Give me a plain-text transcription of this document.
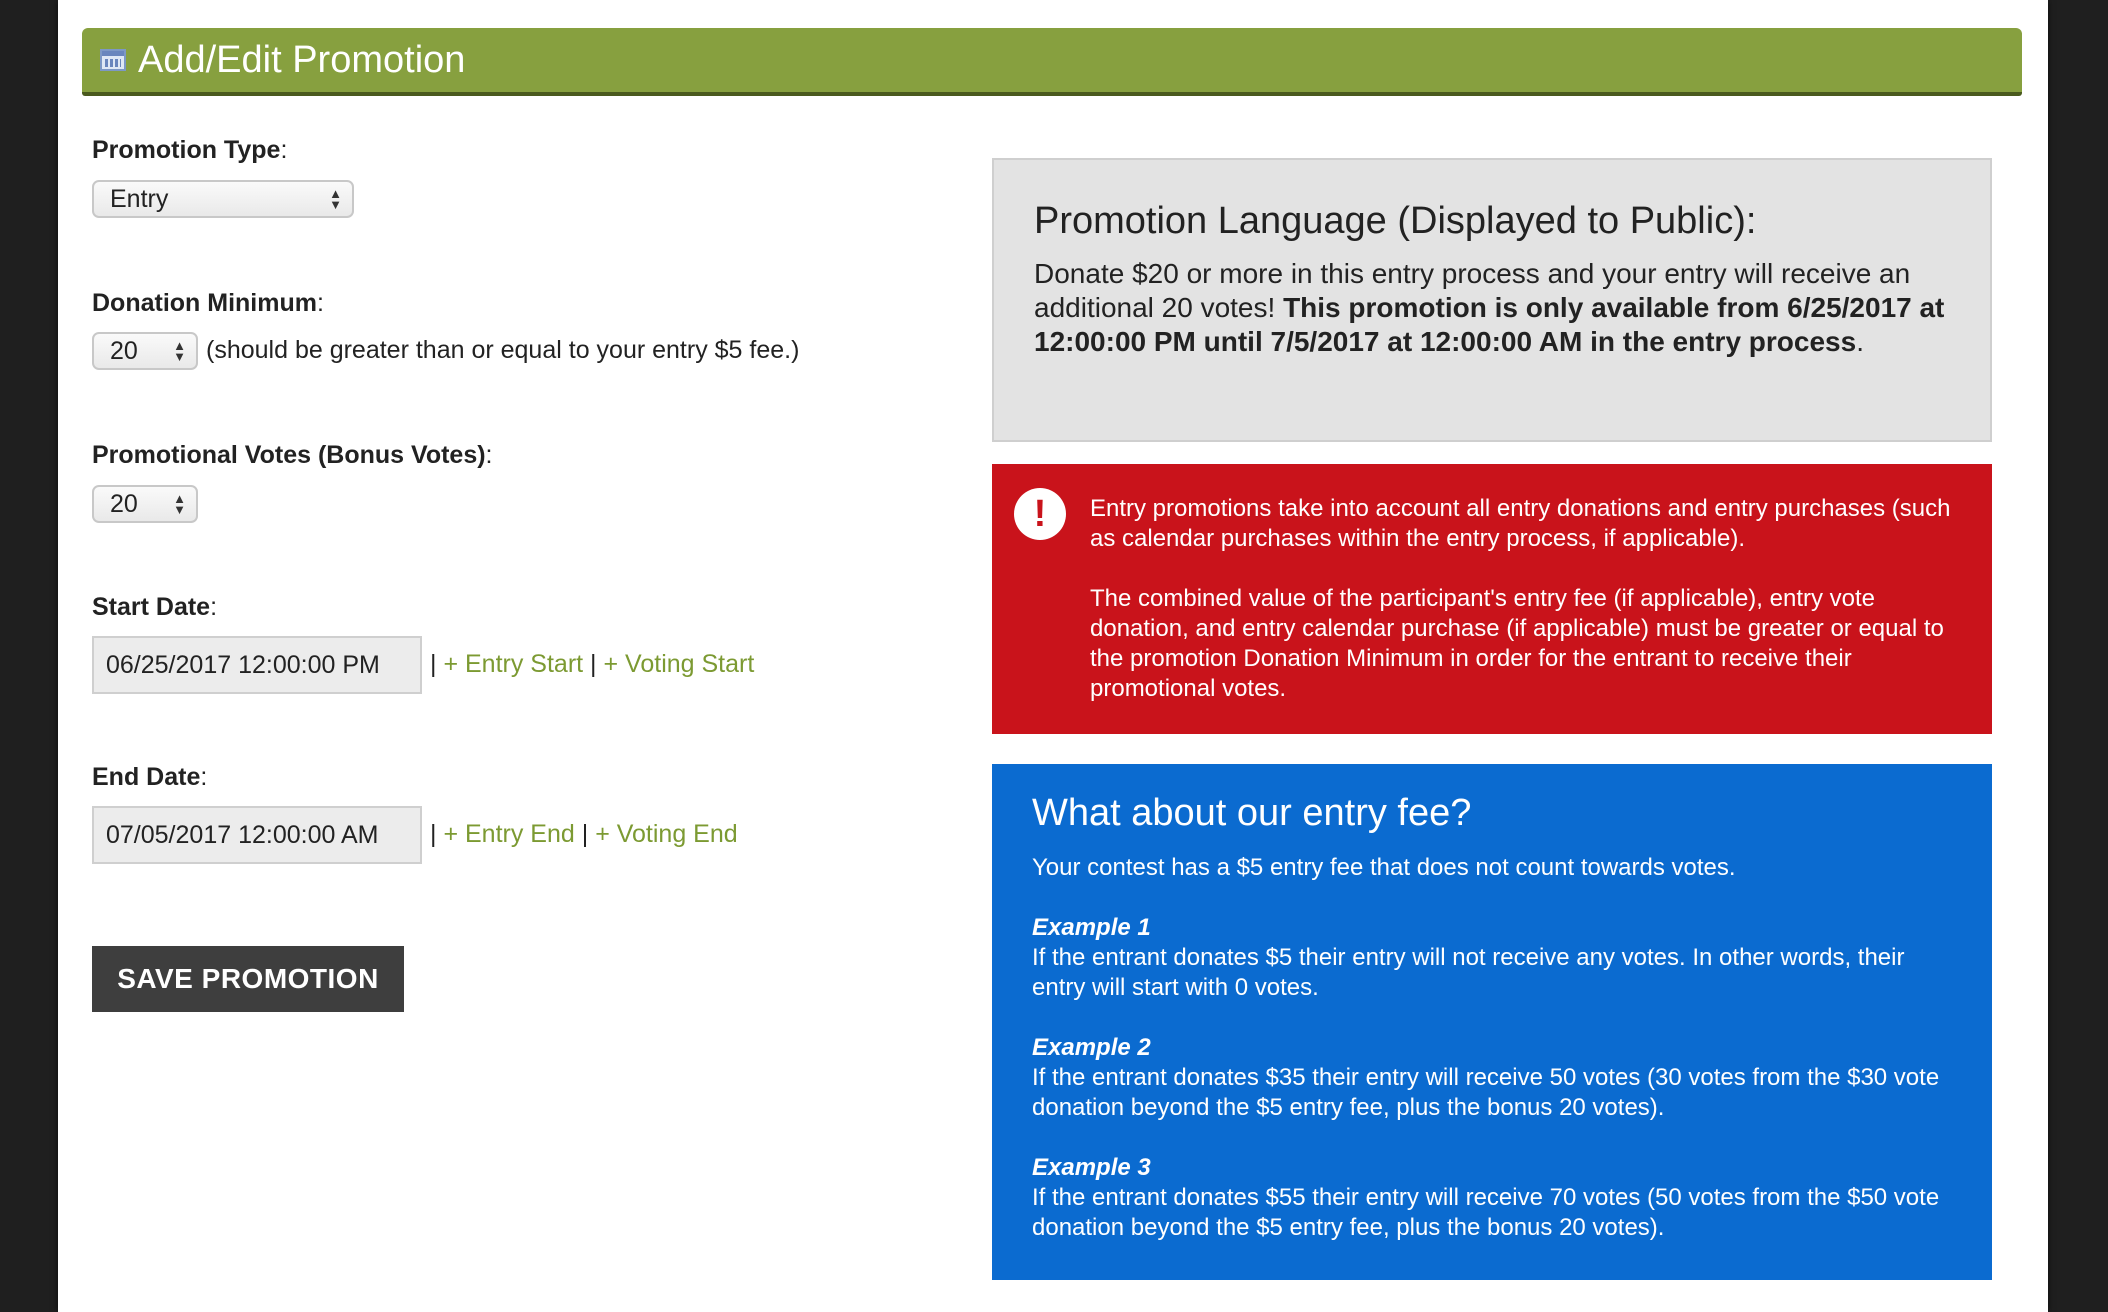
Add/Edit Promotion
Promotion Type:
Entry	▲
▼
Donation Minimum:
20	▲
▼ (should be greater than or equal to your entry $5 fee.)
Promotional Votes (Bonus Votes):
20	▲
▼
Start Date:
06/25/2017 12:00:00 PM	| + Entry Start | + Voting Start
End Date:
07/05/2017 12:00:00 AM	| + Entry End | + Voting End
SAVE PROMOTION
Promotion Language (Displayed to Public):

Donate $20 or more in this entry process and your entry will receive an additional 20 votes! This promotion is only available from 6/25/2017 at 12:00:00 PM until 7/5/2017 at 12:00:00 AM in the entry process.

!	Entry promotions take into account all entry donations and entry purchases (such as calendar purchases within the entry process, if applicable).

The combined value of the participant's entry fee (if applicable), entry vote donation, and entry calendar purchase (if applicable) must be greater or equal to the promotion Donation Minimum in order for the entrant to receive their promotional votes.

What about our entry fee?

Your contest has a $5 entry fee that does not count towards votes.

Example 1
If the entrant donates $5 their entry will not receive any votes. In other words, their entry will start with 0 votes.
Example 2
If the entrant donates $35 their entry will receive 50 votes (30 votes from the $30 vote donation beyond the $5 entry fee, plus the bonus 20 votes).
Example 3
If the entrant donates $55 their entry will receive 70 votes (50 votes from the $50 vote donation beyond the $5 entry fee, plus the bonus 20 votes).
